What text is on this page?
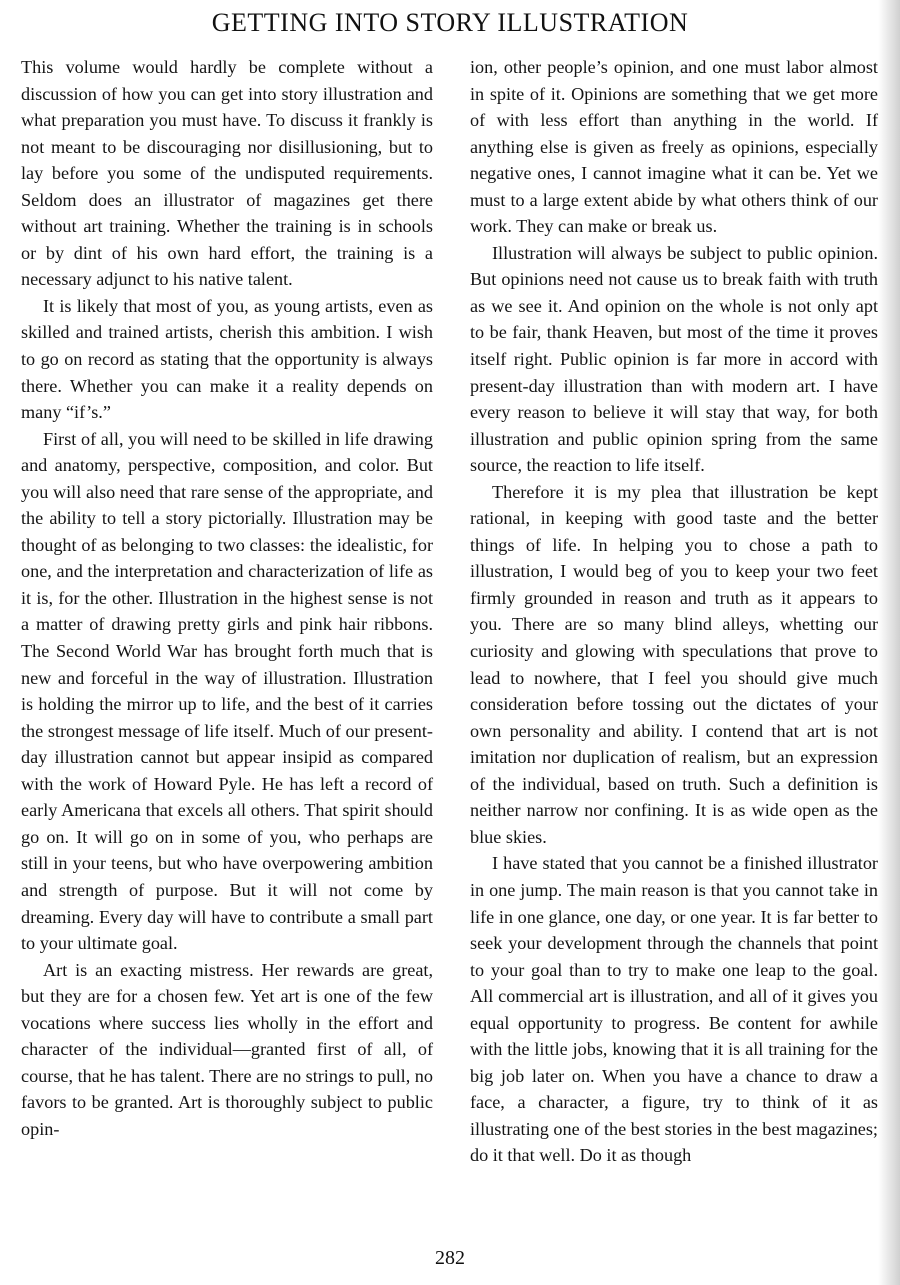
GETTING INTO STORY ILLUSTRATION

This volume would hardly be complete without a discussion of how you can get into story illustration and what preparation you must have. To discuss it frankly is not meant to be discouraging nor disillusioning, but to lay before you some of the undisputed requirements. Seldom does an illustrator of magazines get there without art training. Whether the training is in schools or by dint of his own hard effort, the training is a necessary adjunct to his native talent.

It is likely that most of you, as young artists, even as skilled and trained artists, cherish this ambition. I wish to go on record as stating that the opportunity is always there. Whether you can make it a reality depends on many “if’s.”

First of all, you will need to be skilled in life drawing and anatomy, perspective, composition, and color. But you will also need that rare sense of the appropriate, and the ability to tell a story pictorially. Illustration may be thought of as belonging to two classes: the idealistic, for one, and the interpretation and characterization of life as it is, for the other. Illustration in the highest sense is not a matter of drawing pretty girls and pink hair ribbons. The Second World War has brought forth much that is new and forceful in the way of illustration. Illustration is holding the mirror up to life, and the best of it carries the strongest message of life itself. Much of our present-day illustration cannot but appear insipid as compared with the work of Howard Pyle. He has left a record of early Americana that excels all others. That spirit should go on. It will go on in some of you, who perhaps are still in your teens, but who have overpowering ambition and strength of purpose. But it will not come by dreaming. Every day will have to contribute a small part to your ultimate goal.

Art is an exacting mistress. Her rewards are great, but they are for a chosen few. Yet art is one of the few vocations where success lies wholly in the effort and character of the individual—granted first of all, of course, that he has talent. There are no strings to pull, no favors to be granted. Art is thoroughly subject to public opin-

ion, other people’s opinion, and one must labor almost in spite of it. Opinions are something that we get more of with less effort than anything in the world. If anything else is given as freely as opinions, especially negative ones, I cannot imagine what it can be. Yet we must to a large extent abide by what others think of our work. They can make or break us.

Illustration will always be subject to public opinion. But opinions need not cause us to break faith with truth as we see it. And opinion on the whole is not only apt to be fair, thank Heaven, but most of the time it proves itself right. Public opinion is far more in accord with present-day illustration than with modern art. I have every reason to believe it will stay that way, for both illustration and public opinion spring from the same source, the reaction to life itself.

Therefore it is my plea that illustration be kept rational, in keeping with good taste and the better things of life. In helping you to chose a path to illustration, I would beg of you to keep your two feet firmly grounded in reason and truth as it appears to you. There are so many blind alleys, whetting our curiosity and glowing with speculations that prove to lead to nowhere, that I feel you should give much consideration before tossing out the dictates of your own personality and ability. I contend that art is not imitation nor duplication of realism, but an expression of the individual, based on truth. Such a definition is neither narrow nor confining. It is as wide open as the blue skies.

I have stated that you cannot be a finished illustrator in one jump. The main reason is that you cannot take in life in one glance, one day, or one year. It is far better to seek your development through the channels that point to your goal than to try to make one leap to the goal. All commercial art is illustration, and all of it gives you equal opportunity to progress. Be content for awhile with the little jobs, knowing that it is all training for the big job later on. When you have a chance to draw a face, a character, a figure, try to think of it as illustrating one of the best stories in the best magazines; do it that well. Do it as though

282
